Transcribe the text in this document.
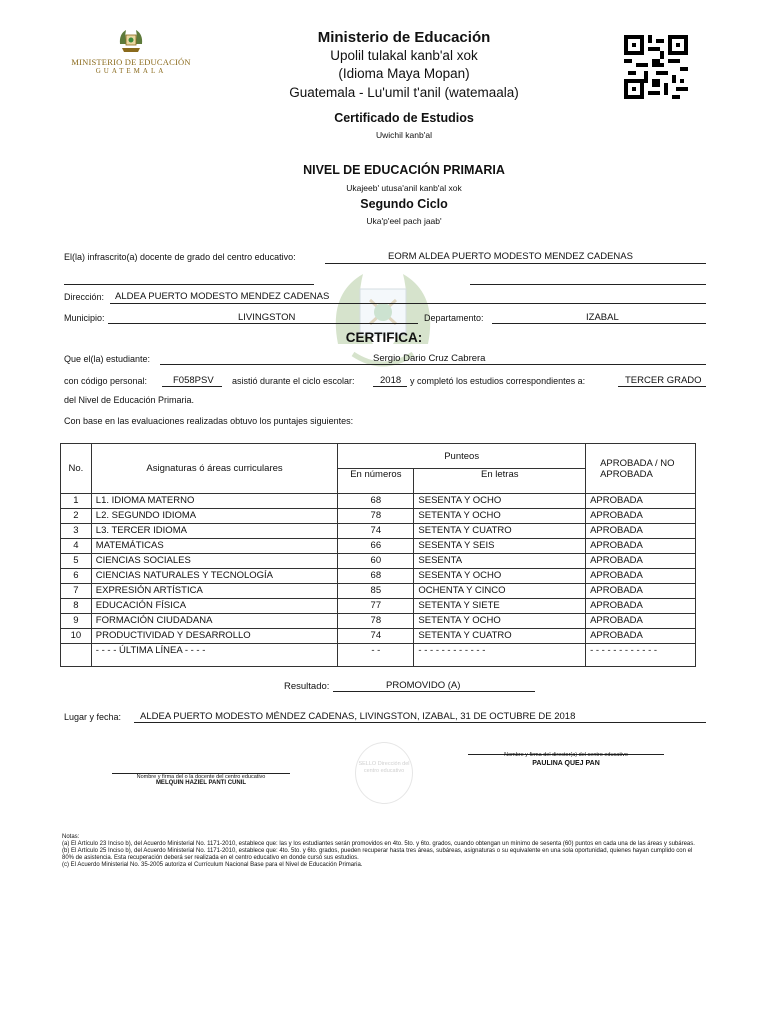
MINISTERIO DE EDUCACIÓN
GUATEMALA
Ministerio de Educación
Upolil tulakal kanb'al xok
(Idioma Maya Mopan)
Guatemala - Lu'umil t'anil (watemaala)
Certificado de Estudios
Uwichil kanb'al
NIVEL DE EDUCACIÓN PRIMARIA
Ukajeeb' utusa'anil kanb'al xok
Segundo Ciclo
Uka'p'eel pach jaab'
El(la) infrascrito(a) docente de grado del centro educativo:	EORM ALDEA PUERTO MODESTO MENDEZ CADENAS
Dirección: ALDEA PUERTO MODESTO MENDEZ CADENAS
Municipio:	LIVINGSTON	Departamento:	IZABAL
CERTIFICA:
Que el(la) estudiante:	Sergio Dario Cruz Cabrera
con código personal:	F058PSV asistió durante el ciclo escolar:	2018 y completó los estudios correspondientes a:	TERCER GRADO
del Nivel de Educación Primaria.
Con base en las evaluaciones realizadas obtuvo los puntajes siguientes:
No.	Asignaturas ó áreas curriculares	Punteos		APROBADA / NO APROBADA
		En números	En letras	
1	L1. IDIOMA MATERNO	68	SESENTA Y OCHO	APROBADA
2	L2. SEGUNDO IDIOMA	78	SETENTA Y OCHO	APROBADA
3	L3. TERCER IDIOMA	74	SETENTA Y CUATRO	APROBADA
4	MATEMÁTICAS	66	SESENTA Y SEIS	APROBADA
5	CIENCIAS SOCIALES	60	SESENTA	APROBADA
6	CIENCIAS NATURALES Y TECNOLOGÍA	68	SESENTA Y OCHO	APROBADA
7	EXPRESIÓN ARTÍSTICA	85	OCHENTA Y CINCO	APROBADA
8	EDUCACIÓN FÍSICA	77	SETENTA Y SIETE	APROBADA
9	FORMACIÓN CIUDADANA	78	SETENTA Y OCHO	APROBADA
10	PRODUCTIVIDAD Y DESARROLLO	74	SETENTA Y CUATRO	APROBADA
	- - - - ÚLTIMA LÍNEA - - - -	- -	- - - - - - - - - - - -	- - - - - - - - - - - -
Resultado:	PROMOVIDO (A)
Lugar y fecha: ALDEA PUERTO MODESTO MÉNDEZ CADENAS, LIVINGSTON, IZABAL, 31 DE OCTUBRE DE 2018
Nombre y firma del o la docente del centro educativo
MELQUIN HAZIEL PANTI CUNIL
SELLO Dirección del centro educativo
Nombre y firma del director(a) del centro educativo
PAULINA QUEJ PAN
Notas:
(a) El Artículo 23 Inciso b), del Acuerdo Ministerial No. 1171-2010, establece que: las y los estudiantes serán promovidos en 4to. 5to. y 6to. grados, cuando obtengan un mínimo de sesenta (60) puntos en cada una de las áreas y subáreas.
(b) El Artículo 25 Inciso b), del Acuerdo Ministerial No. 1171-2010, establece que: 4to. 5to. y 6to. grados, pueden recuperar hasta tres áreas, subáreas, asignaturas o su equivalente en una sola oportunidad, quienes hayan cumplido con el 80% de asistencia. Esta recuperación deberá ser realizada en el centro educativo en donde cursó sus estudios.
(c) El Acuerdo Ministerial No. 35-2005 autoriza el Currículum Nacional Base para el Nivel de Educación Primaria.
